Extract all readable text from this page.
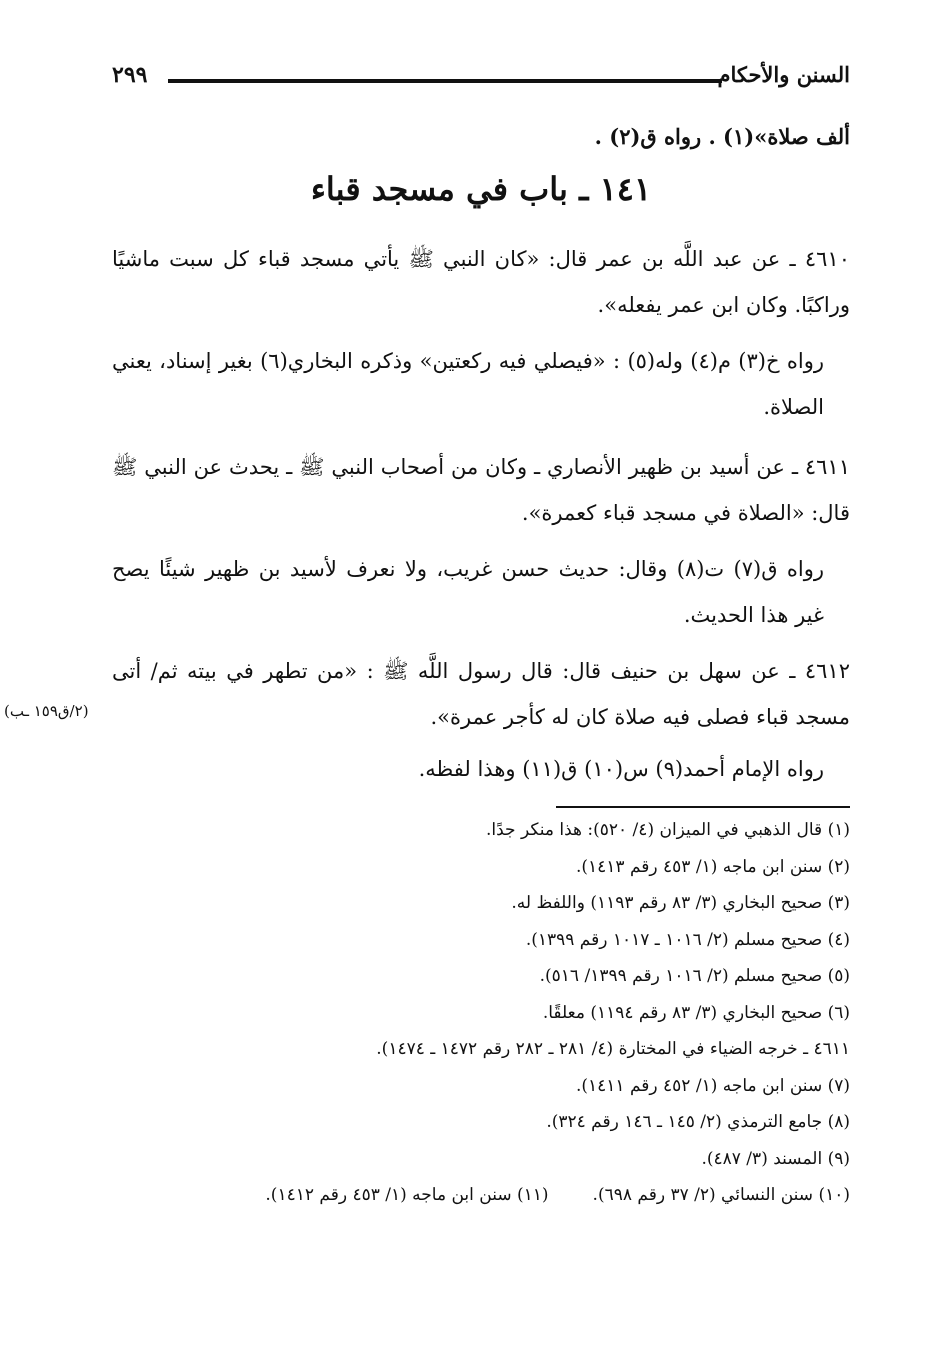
السنن والأحكام
٢٩٩
ألف صلاة»(١) . رواه ق(٢) .
١٤١ ـ باب في مسجد قباء
٤٦١٠ ـ عن عبد اللَّه بن عمر قال: «كان النبي ﷺ يأتي مسجد قباء كل سبت ماشيًا وراكبًا. وكان ابن عمر يفعله».
رواه خ(٣) م(٤) وله(٥) : «فيصلي فيه ركعتين» وذكره البخاري(٦) بغير إسناد، يعني الصلاة.
٤٦١١ ـ عن أسيد بن ظهير الأنصاري ـ وكان من أصحاب النبي ﷺ ـ يحدث عن النبي ﷺ قال: «الصلاة في مسجد قباء كعمرة».
رواه ق(٧) ت(٨) وقال: حديث حسن غريب، ولا نعرف لأسيد بن ظهير شيئًا يصح غير هذا الحديث.
٤٦١٢ ـ عن سهل بن حنيف قال: قال رسول اللَّه ﷺ : «من تطهر في بيته ثم/ أتى مسجد قباء فصلى فيه صلاة كان له كأجر عمرة».
(٢/ق١٥٩ ـب)
رواه الإمام أحمد(٩) س(١٠) ق(١١) وهذا لفظه.
(١) قال الذهبي في الميزان (٤/ ٥٢٠): هذا منكر جدًا.
(٢) سنن ابن ماجه (١/ ٤٥٣ رقم ١٤١٣).
(٣) صحيح البخاري (٣/ ٨٣ رقم ١١٩٣) واللفظ له.
(٤) صحيح مسلم (٢/ ١٠١٦ ـ ١٠١٧ رقم ١٣٩٩).
(٥) صحيح مسلم (٢/ ١٠١٦ رقم ١٣٩٩/ ٥١٦).
(٦) صحيح البخاري (٣/ ٨٣ رقم ١١٩٤) معلقًا.
٤٦١١ ـ خرجه الضياء في المختارة (٤/ ٢٨١ ـ ٢٨٢ رقم ١٤٧٢ ـ ١٤٧٤).
(٧) سنن ابن ماجه (١/ ٤٥٢ رقم ١٤١١).
(٨) جامع الترمذي (٢/ ١٤٥ ـ ١٤٦ رقم ٣٢٤).
(٩) المسند (٣/ ٤٨٧).
(١٠) سنن النسائي (٢/ ٣٧ رقم ٦٩٨).(١١) سنن ابن ماجه (١/ ٤٥٣ رقم ١٤١٢).
